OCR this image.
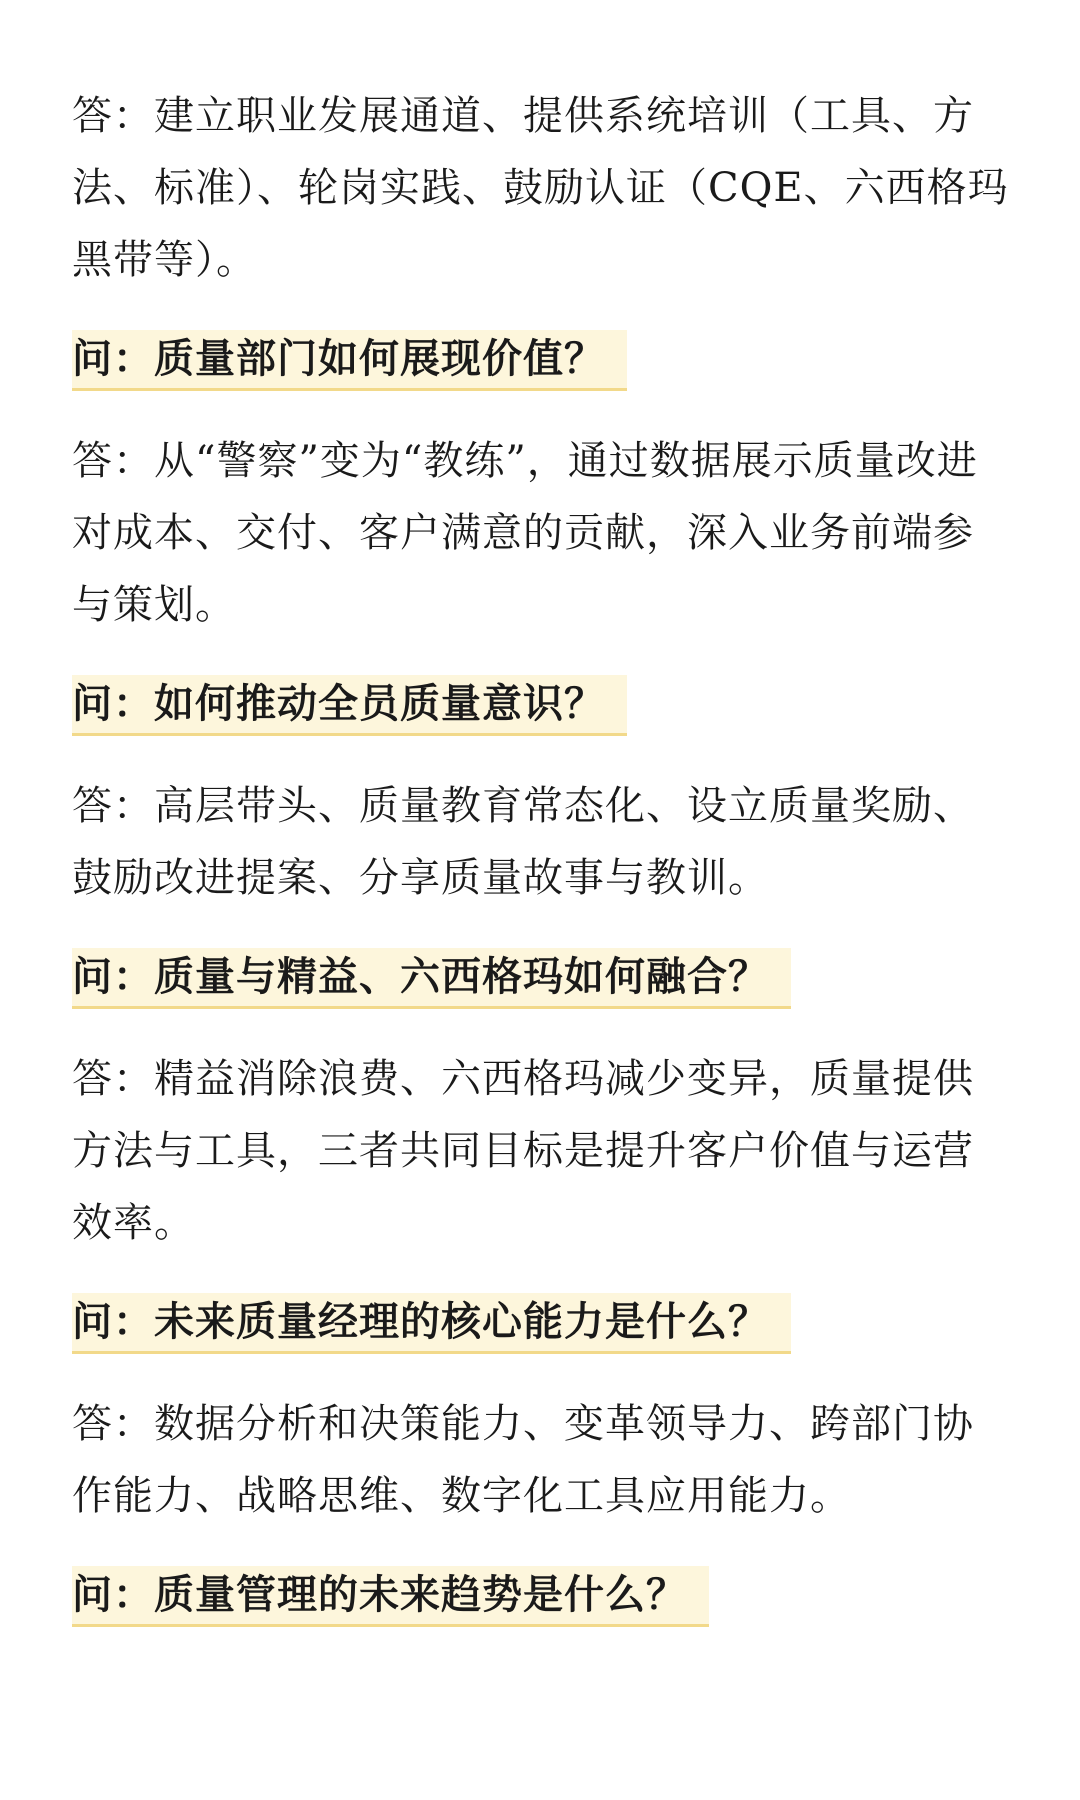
答：建立职业发展通道、提供系统培训（工具、方法、标准）、轮岗实践、鼓励认证（CQE、六西格玛黑带等）。

问：质量部门如何展现价值？

答：从“警察”变为“教练”，通过数据展示质量改进对成本、交付、客户满意的贡献，深入业务前端参与策划。

问：如何推动全员质量意识？

答：高层带头、质量教育常态化、设立质量奖励、鼓励改进提案、分享质量故事与教训。

问：质量与精益、六西格玛如何融合？

答：精益消除浪费、六西格玛减少变异，质量提供方法与工具，三者共同目标是提升客户价值与运营效率。

问：未来质量经理的核心能力是什么？

答：数据分析和决策能力、变革领导力、跨部门协作能力、战略思维、数字化工具应用能力。

问：质量管理的未来趋势是什么？
